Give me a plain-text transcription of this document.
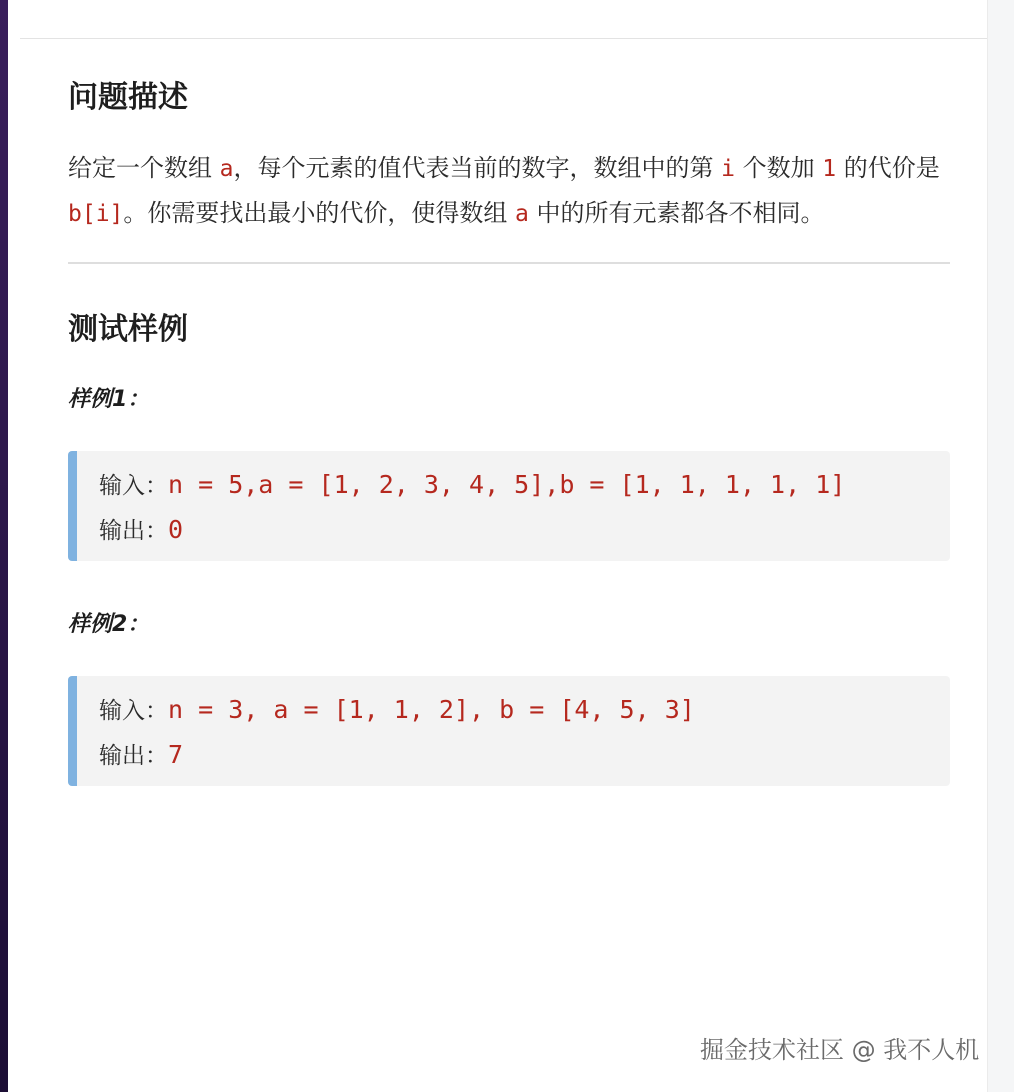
问题描述
给定一个数组 a，每个元素的值代表当前的数字，数组中的第 i 个数加 1 的代价是 b[i]。你需要找出最小的代价，使得数组 a 中的所有元素都各不相同。
测试样例
样例1：
输入：n = 5,a = [1, 2, 3, 4, 5],b = [1, 1, 1, 1, 1]
输出：0
样例2：
输入：n = 3, a = [1, 1, 2], b = [4, 5, 3]
输出：7
掘金技术社区 @ 我不人机
